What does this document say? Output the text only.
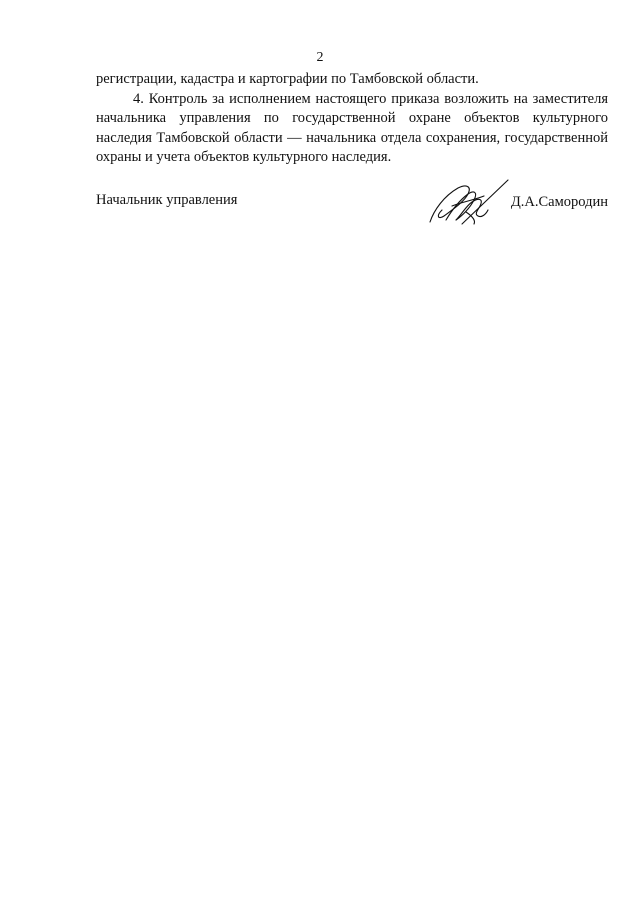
2

регистрации, кадастра и картографии по Тамбовской области.

4. Контроль за исполнением настоящего приказа возложить на заместителя начальника управления по государственной охране объектов культурного наследия Тамбовской области — начальника отдела сохранения, государственной охраны и учета объектов культурного наследия.

Начальник управления	Д.А.Самородин
